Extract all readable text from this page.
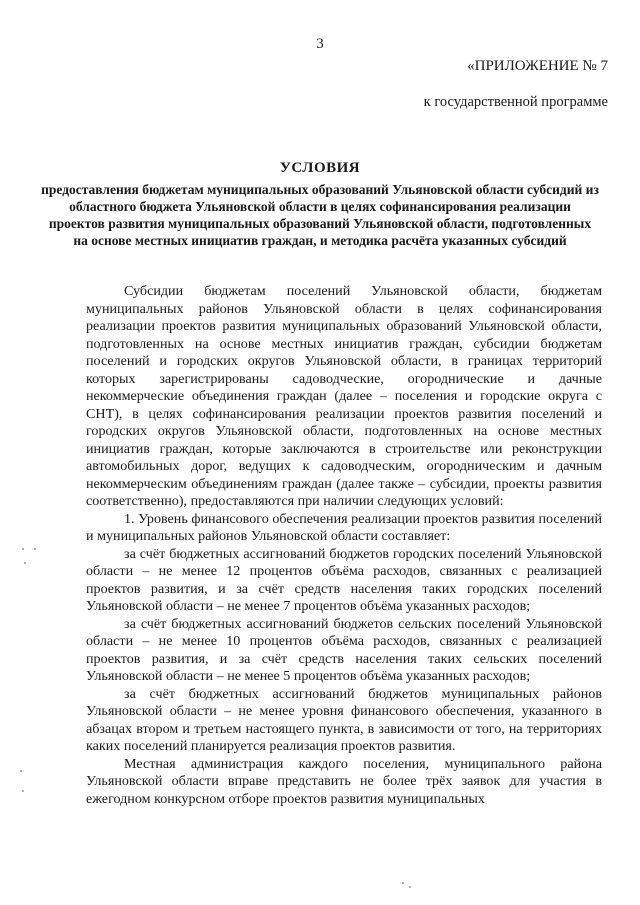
3
«ПРИЛОЖЕНИЕ № 7
к государственной программе

УСЛОВИЯ

предоставления бюджетам муниципальных образований Ульяновской области субсидий из областного бюджета Ульяновской области в целях софинансирования реализации проектов развития муниципальных образований Ульяновской области, подготовленных на основе местных инициатив граждан, и методика расчёта указанных субсидий

Субсидии бюджетам поселений Ульяновской области, бюджетам муниципальных районов Ульяновской области в целях софинансирования реализации проектов развития муниципальных образований Ульяновской области, подготовленных на основе местных инициатив граждан, субсидии бюджетам поселений и городских округов Ульяновской области, в границах территорий которых зарегистрированы садоводческие, огороднические и дачные некоммерческие объединения граждан (далее – поселения и городские округа с СНТ), в целях софинансирования реализации проектов развития поселений и городских округов Ульяновской области, подготовленных на основе местных инициатив граждан, которые заключаются в строительстве или реконструкции автомобильных дорог, ведущих к садоводческим, огородническим и дачным некоммерческим объединениям граждан (далее также – субсидии, проекты развития соответственно), предоставляются при наличии следующих условий:

1. Уровень финансового обеспечения реализации проектов развития поселений и муниципальных районов Ульяновской области составляет:

за счёт бюджетных ассигнований бюджетов городских поселений Ульяновской области – не менее 12 процентов объёма расходов, связанных с реализацией проектов развития, и за счёт средств населения таких городских поселений Ульяновской области – не менее 7 процентов объёма указанных расходов;

за счёт бюджетных ассигнований бюджетов сельских поселений Ульяновской области – не менее 10 процентов объёма расходов, связанных с реализацией проектов развития, и за счёт средств населения таких сельских поселений Ульяновской области – не менее 5 процентов объёма указанных расходов;

за счёт бюджетных ассигнований бюджетов муниципальных районов Ульяновской области – не менее уровня финансового обеспечения, указанного в абзацах втором и третьем настоящего пункта, в зависимости от того, на территориях каких поселений планируется реализация проектов развития.

Местная администрация каждого поселения, муниципального района Ульяновской области вправе представить не более трёх заявок для участия в ежегодном конкурсном отборе проектов развития муниципальных
